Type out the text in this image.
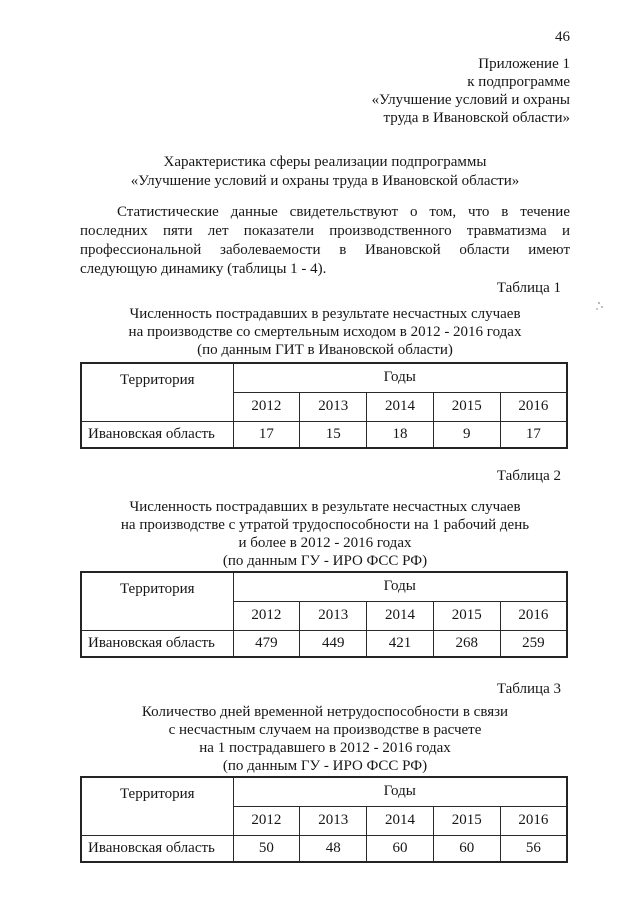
46
Приложение 1
к подпрограмме
«Улучшение условий и охраны
труда в Ивановской области»
Характеристика сферы реализации подпрограммы
«Улучшение условий и охраны труда в Ивановской области»
Статистические данные свидетельствуют о том, что в течение
последних пяти лет показатели производственного травматизма и
профессиональной заболеваемости в Ивановской области имеют
следующую динамику (таблицы 1 - 4).
Таблица 1
Численность пострадавших в результате несчастных случаев
на производстве со смертельным исходом в 2012 - 2016 годах
(по данным ГИТ в Ивановской области)
Территория	Годы				
	2012	2013	2014	2015	2016
Ивановская область	17	15	18	9	17
Таблица 2
Численность пострадавших в результате несчастных случаев
на производстве с утратой трудоспособности на 1 рабочий день
и более в 2012 - 2016 годах
(по данным ГУ - ИРО ФСС РФ)
Территория	Годы				
	2012	2013	2014	2015	2016
Ивановская область	479	449	421	268	259
Таблица 3
Количество дней временной нетрудоспособности в связи
с несчастным случаем на производстве в расчете
на 1 пострадавшего в 2012 - 2016 годах
(по данным ГУ - ИРО ФСС РФ)
Территория	Годы				
	2012	2013	2014	2015	2016
Ивановская область	50	48	60	60	56
